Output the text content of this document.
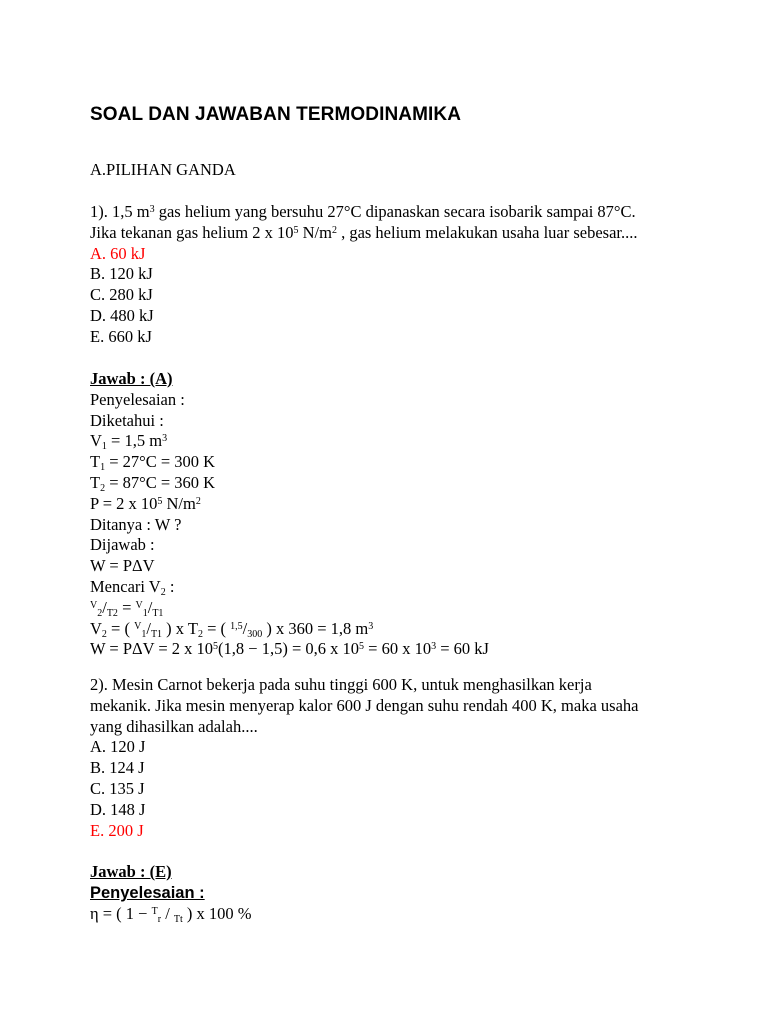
SOAL DAN JAWABAN TERMODINAMIKA
A.PILIHAN GANDA
1). 1,5 $m^3$ gas helium yang bersuhu 27°C dipanaskan secara isobarik sampai 87°C.
Jika tekanan gas helium 2 x $10^5$ $N/m^2$ , gas helium melakukan usaha luar sebesar....
A. 60 kJ
B. 120 kJ
C. 280 kJ
D. 480 kJ
E. 660 kJ
Jawab : (A)
Penyelesaian :
Diketahui :
$V_1 = 1,5$ $m^3$
$T_1 = 27^\circ C = 300$ K
$T_2 = 87^\circ C = 360$ K
P = 2 x $10^5$ $N/m^2$
Ditanya : W ?
Dijawab :
W = PΔV
Mencari $V_2$ :
$^V_2/_{T2} = ^V_1/_{T1}$
$V_2$ = ( $^V_1/_{T1}$ ) x $T_2$ = ( $^{1,5}/_{300}$ ) x 360 = 1,8 $m^3$
W = PΔV = 2 x $10^5(1,8 - 1,5) = 0,6$ x $10^5 = 60$ x $10^3 = 60$ kJ
2). Mesin Carnot bekerja pada suhu tinggi 600 K, untuk menghasilkan kerja
mekanik. Jika mesin menyerap kalor 600 J dengan suhu rendah 400 K, maka usaha
yang dihasilkan adalah....
A. 120 J
B. 124 J
C. 135 J
D. 148 J
E. 200 J
Jawab : (E)
Penyelesaian :
η = ( 1 − $^T_r$ / $_{Tt}$ ) x 100 %
